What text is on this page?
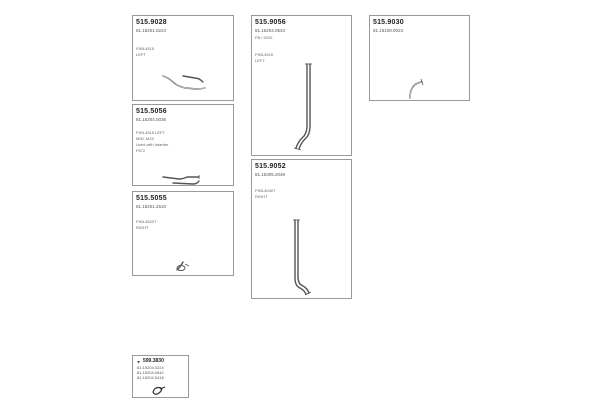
515.9028
81.15201.0224
F90L4515
LEFT
515.9056
81.15204.0543
FB / 2010
F90L4515
LEFT
515.9030
81.15109.0023
515.5056
81.15204.0036
F90L4515 LEFT
M90, M15
Used with Intarder
F572
515.9052
81.15305.2049
F90L4040T
RIGHT
515.5055
81.15201.2510
F90L4820T
RIGHT
599.3830
81.15204.0224
81.15204.0542
81.15204.5418
